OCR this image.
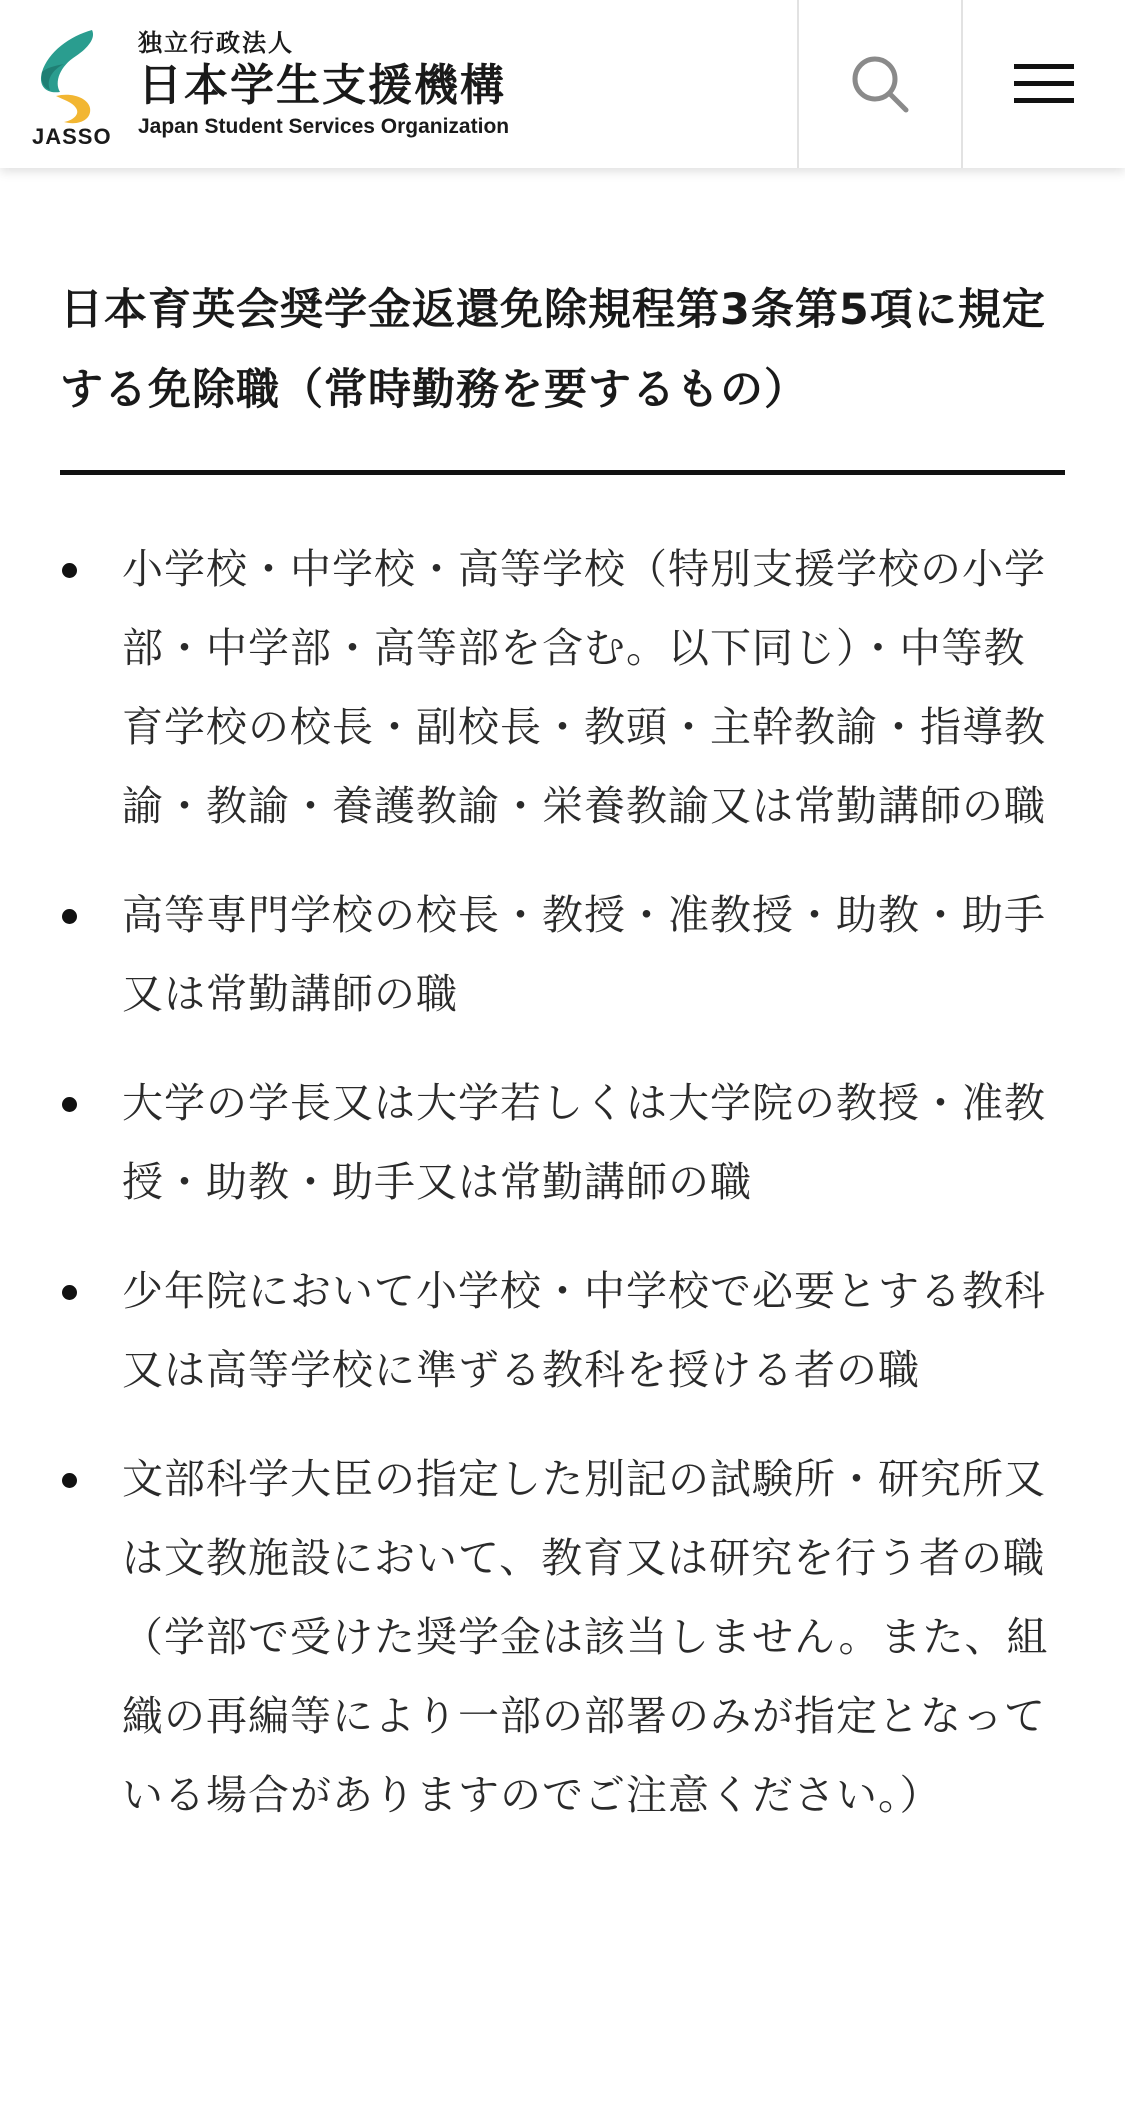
JASSO
独立行政法人
日本学生支援機構
Japan Student Services Organization
日本育英会奨学金返還免除規程第3条第5項に規定する免除職（常時勤務を要するもの）
小学校・中学校・高等学校（特別支援学校の小学部・中学部・高等部を含む。以下同じ）・中等教育学校の校長・副校長・教頭・主幹教諭・指導教諭・教諭・養護教諭・栄養教諭又は常勤講師の職
高等専門学校の校長・教授・准教授・助教・助手又は常勤講師の職
大学の学長又は大学若しくは大学院の教授・准教授・助教・助手又は常勤講師の職
少年院において小学校・中学校で必要とする教科又は高等学校に準ずる教科を授ける者の職
文部科学大臣の指定した別記の試験所・研究所又は文教施設において、教育又は研究を行う者の職（学部で受けた奨学金は該当しません。また、組織の再編等により一部の部署のみが指定となっている場合がありますのでご注意ください。）
